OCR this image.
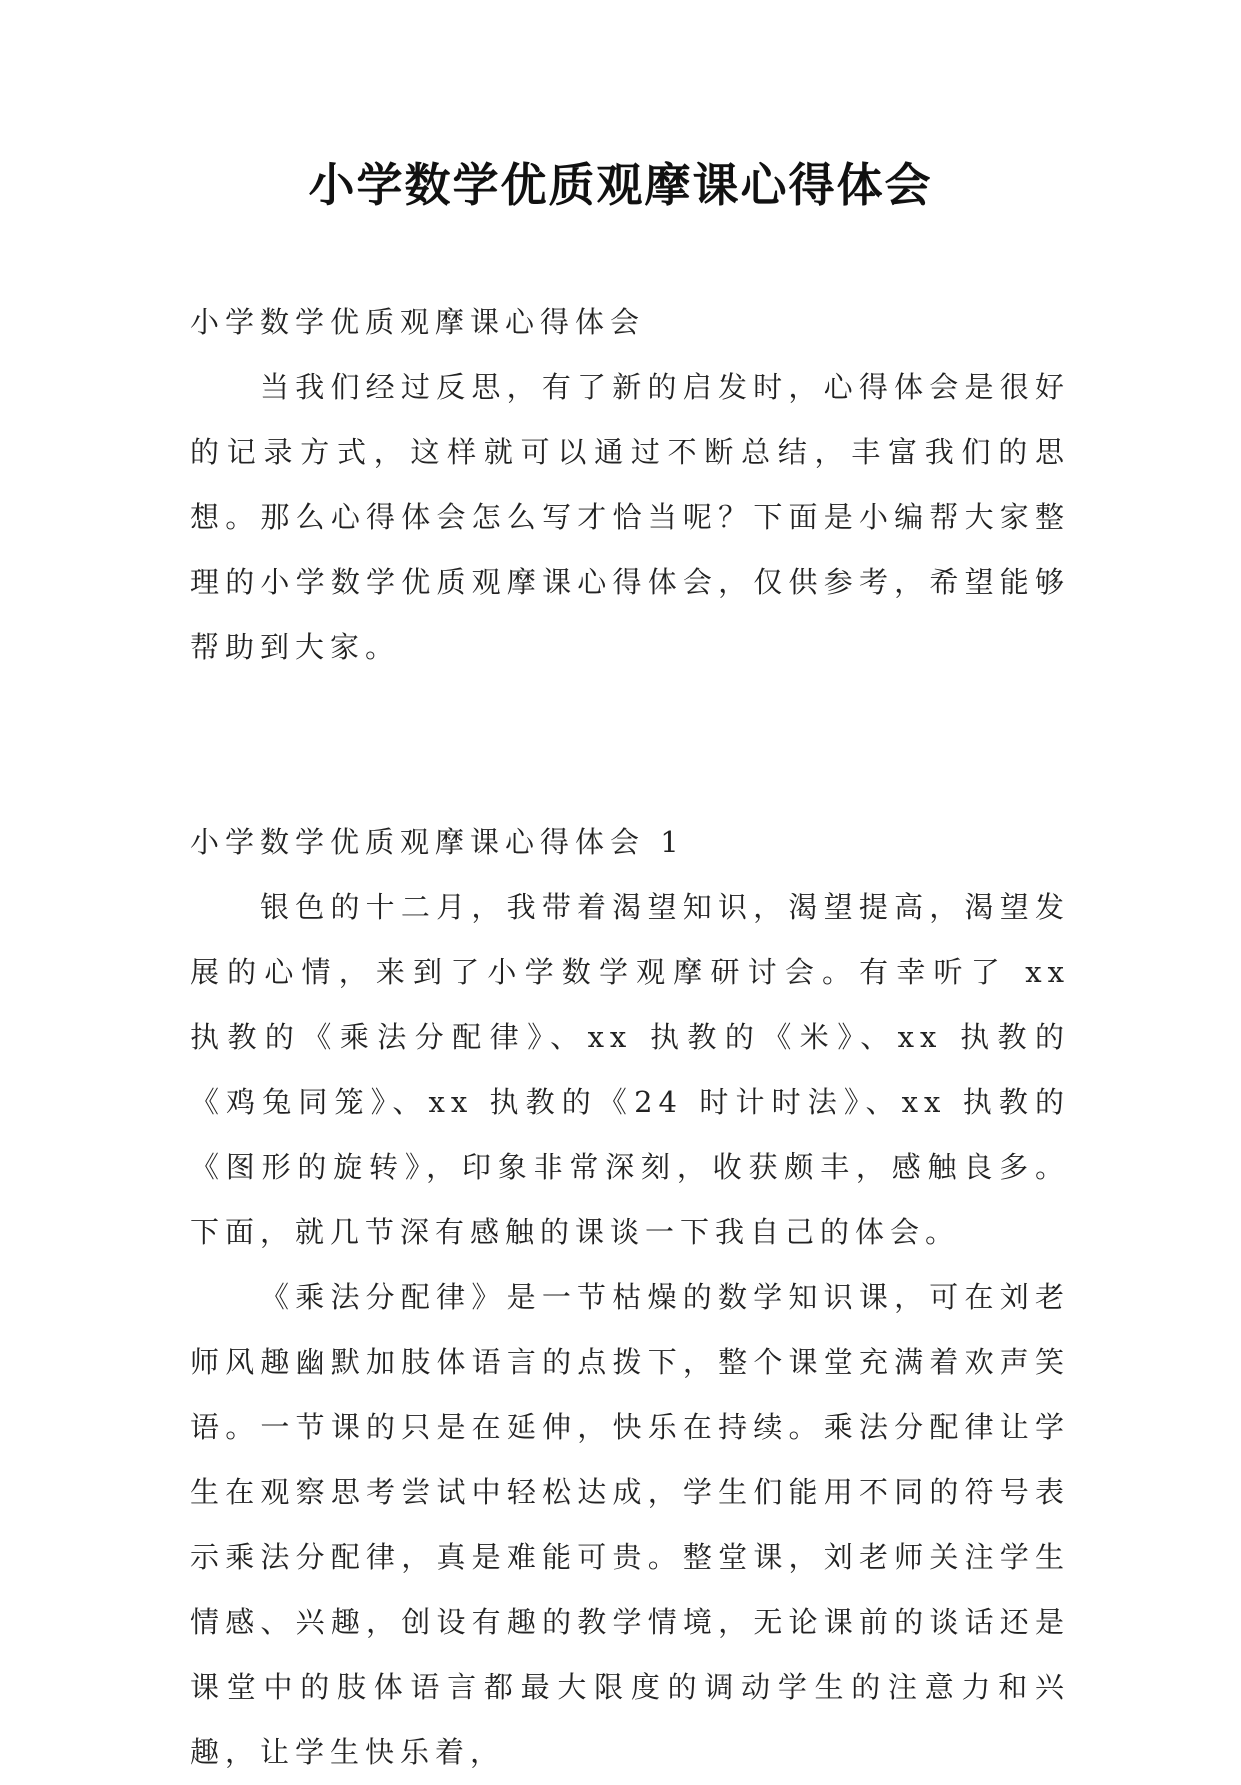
小学数学优质观摩课心得体会

小学数学优质观摩课心得体会

当我们经过反思，有了新的启发时，心得体会是很好的记录方式，这样就可以通过不断总结，丰富我们的思想。那么心得体会怎么写才恰当呢？下面是小编帮大家整理的小学数学优质观摩课心得体会，仅供参考，希望能够帮助到大家。

小学数学优质观摩课心得体会 1

银色的十二月，我带着渴望知识，渴望提高，渴望发展的心情，来到了小学数学观摩研讨会。有幸听了 xx 执教的《乘法分配律》、xx 执教的《米》、xx 执教的《鸡兔同笼》、xx 执教的《24 时计时法》、xx 执教的《图形的旋转》，印象非常深刻，收获颇丰，感触良多。下面，就几节深有感触的课谈一下我自己的体会。

《乘法分配律》是一节枯燥的数学知识课，可在刘老师风趣幽默加肢体语言的点拨下，整个课堂充满着欢声笑语。一节课的只是在延伸，快乐在持续。乘法分配律让学生在观察思考尝试中轻松达成，学生们能用不同的符号表示乘法分配律，真是难能可贵。整堂课，刘老师关注学生情感、兴趣，创设有趣的教学情境，无论课前的谈话还是课堂中的肢体语言都最大限度的调动学生的注意力和兴趣，让学生快乐着，
